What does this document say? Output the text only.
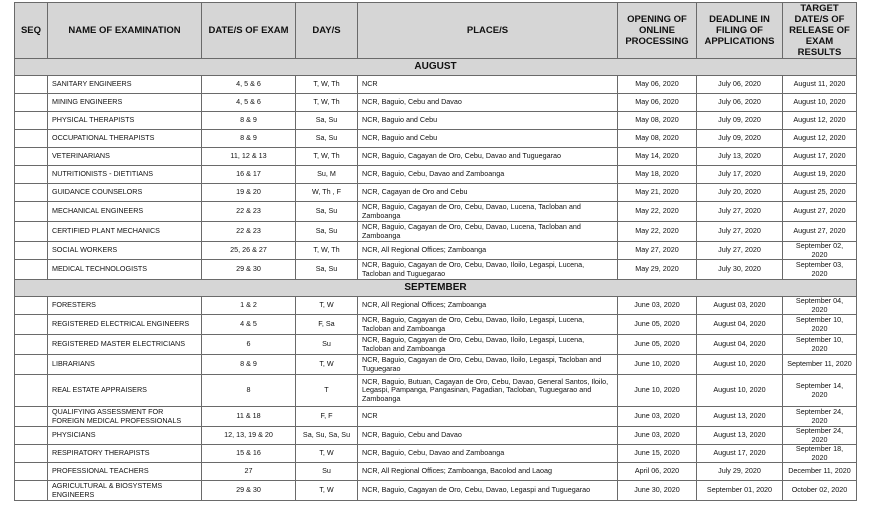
SEQ	NAME OF EXAMINATION	DATE/S OF EXAM	DAY/S	PLACE/S	OPENING OF ONLINE PROCESSING	DEADLINE IN FILING OF APPLICATIONS	TARGET DATE/S OF RELEASE OF EXAM RESULTS
AUGUST							
	SANITARY ENGINEERS	4, 5 & 6	T, W, Th	NCR	May 06, 2020	July 06, 2020	August 11, 2020
	MINING ENGINEERS	4, 5 & 6	T, W, Th	NCR, Baguio, Cebu and Davao	May 06, 2020	July 06, 2020	August 10, 2020
	PHYSICAL THERAPISTS	8 & 9	Sa, Su	NCR, Baguio and Cebu	May 08, 2020	July 09, 2020	August 12, 2020
	OCCUPATIONAL THERAPISTS	8 & 9	Sa, Su	NCR, Baguio and Cebu	May 08, 2020	July 09, 2020	August 12, 2020
	VETERINARIANS	11, 12 & 13	T, W, Th	NCR, Baguio, Cagayan de Oro, Cebu, Davao and Tuguegarao	May 14, 2020	July 13, 2020	August 17, 2020
	NUTRITIONISTS - DIETITIANS	16 & 17	Su, M	NCR, Baguio, Cebu, Davao and Zamboanga	May 18, 2020	July 17, 2020	August 19, 2020
	GUIDANCE COUNSELORS	19 & 20	W, Th , F	NCR, Cagayan de Oro and Cebu	May 21, 2020	July 20, 2020	August 25, 2020
	MECHANICAL ENGINEERS	22 & 23	Sa, Su	NCR, Baguio, Cagayan de Oro, Cebu, Davao, Lucena, Tacloban and Zamboanga	May 22, 2020	July 27, 2020	August 27, 2020
	CERTIFIED PLANT MECHANICS	22 & 23	Sa, Su	NCR, Baguio, Cagayan de Oro, Cebu, Davao, Lucena, Tacloban and Zamboanga	May 22, 2020	July 27, 2020	August 27, 2020
	SOCIAL WORKERS	25, 26 & 27	T, W, Th	NCR, All Regional Offices; Zamboanga	May 27, 2020	July 27, 2020	September 02, 2020
	MEDICAL TECHNOLOGISTS	29 & 30	Sa, Su	NCR, Baguio, Cagayan de Oro, Cebu, Davao, Iloilo, Legaspi, Lucena, Tacloban and Tuguegarao	May 29, 2020	July 30, 2020	September 03, 2020
SEPTEMBER							
	FORESTERS	1 & 2	T, W	NCR, All Regional Offices; Zamboanga	June 03, 2020	August 03, 2020	September 04, 2020
	REGISTERED ELECTRICAL ENGINEERS	4 & 5	F, Sa	NCR, Baguio, Cagayan de Oro, Cebu, Davao, Iloilo, Legaspi, Lucena, Tacloban and Zamboanga	June 05, 2020	August 04, 2020	September 10, 2020
	REGISTERED MASTER ELECTRICIANS	6	Su	NCR, Baguio, Cagayan de Oro, Cebu, Davao, Iloilo, Legaspi, Lucena, Tacloban and Zamboanga	June 05, 2020	August 04, 2020	September 10, 2020
	LIBRARIANS	8 & 9	T, W	NCR, Baguio, Cagayan de Oro, Cebu, Davao, Iloilo, Legaspi, Tacloban and Tuguegarao	June 10, 2020	August 10, 2020	September 11, 2020
	REAL ESTATE APPRAISERS	8	T	NCR, Baguio, Butuan, Cagayan de Oro, Cebu, Davao, General Santos, Iloilo, Legaspi, Pampanga, Pangasinan, Pagadian, Tacloban, Tuguegarao and Zamboanga	June 10, 2020	August 10, 2020	September 14, 2020
	QUALIFYING ASSESSMENT FOR FOREIGN MEDICAL PROFESSIONALS	11 & 18	F, F	NCR	June 03, 2020	August 13, 2020	September 24, 2020
	PHYSICIANS	12, 13, 19 & 20	Sa, Su, Sa, Su	NCR, Baguio, Cebu and Davao	June 03, 2020	August 13, 2020	September 24, 2020
	RESPIRATORY THERAPISTS	15 & 16	T, W	NCR, Baguio, Cebu, Davao and Zamboanga	June 15, 2020	August 17, 2020	September 18, 2020
	PROFESSIONAL TEACHERS	27	Su	NCR, All Regional Offices; Zamboanga, Bacolod and Laoag	April 06, 2020	July 29, 2020	December 11, 2020
	AGRICULTURAL & BIOSYSTEMS ENGINEERS	29 & 30	T, W	NCR, Baguio, Cagayan de Oro, Cebu, Davao, Legaspi and Tuguegarao	June 30, 2020	September 01, 2020	October 02, 2020
